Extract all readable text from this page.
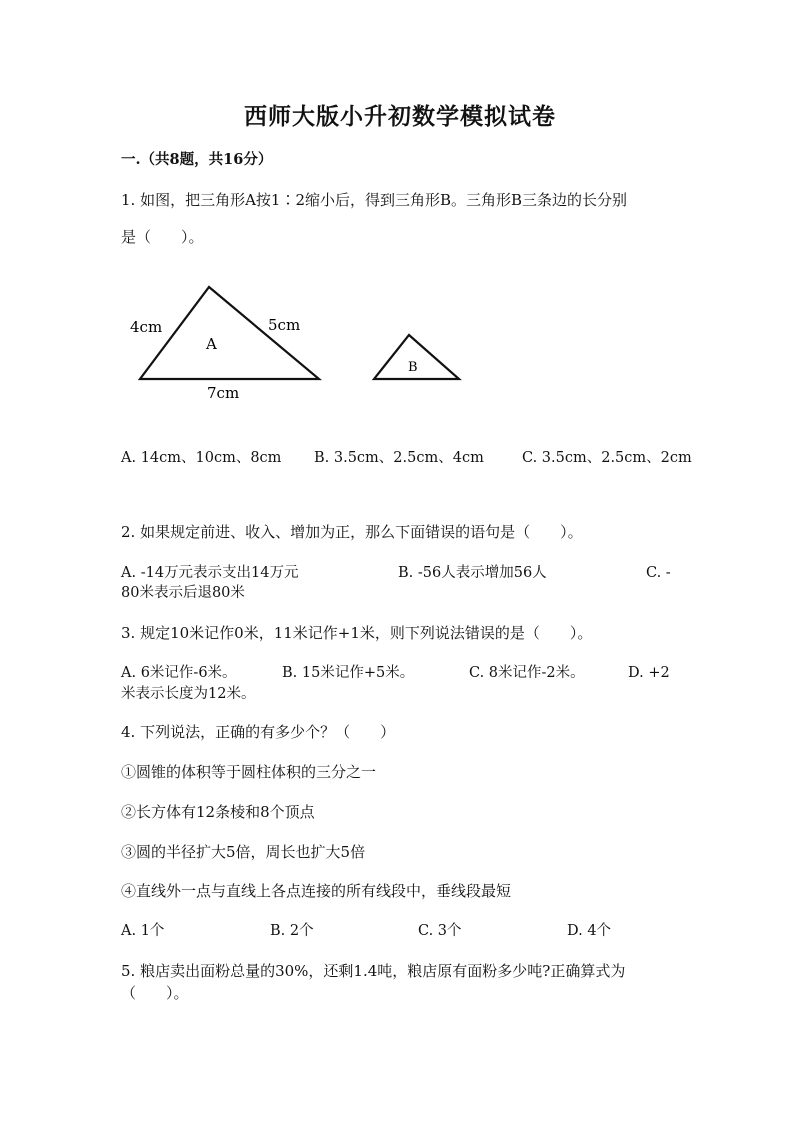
西师大版小升初数学模拟试卷
一.（共8题，共16分）
1. 如图，把三角形A按1∶2缩小后，得到三角形B。三角形B三条边的长分别
是（　　）。
4cm	5cm
7cm
A
B
A. 14cm、10cm、8cm B. 3.5cm、2.5cm、4cm	C. 3.5cm、2.5cm、2cm
2. 如果规定前进、收入、增加为正，那么下面错误的语句是（　　）。
A. -14万元表示支出14万元	B. -56人表示增加56人	C. -
80米表示后退80米
3. 规定10米记作0米，11米记作+1米，则下列说法错误的是（　　）。
A. 6米记作-6米。	B. 15米记作+5米。	C. 8米记作-2米。	D. +2
米表示长度为12米。
4. 下列说法，正确的有多少个？（　　）
①圆锥的体积等于圆柱体积的三分之一
②长方体有12条棱和8个顶点
③圆的半径扩大5倍，周长也扩大5倍
④直线外一点与直线上各点连接的所有线段中，垂线段最短
A. 1个	B. 2个	C. 3个	D. 4个
5. 粮店卖出面粉总量的30%，还剩1.4吨，粮店原有面粉多少吨?正确算式为
（　　）。
